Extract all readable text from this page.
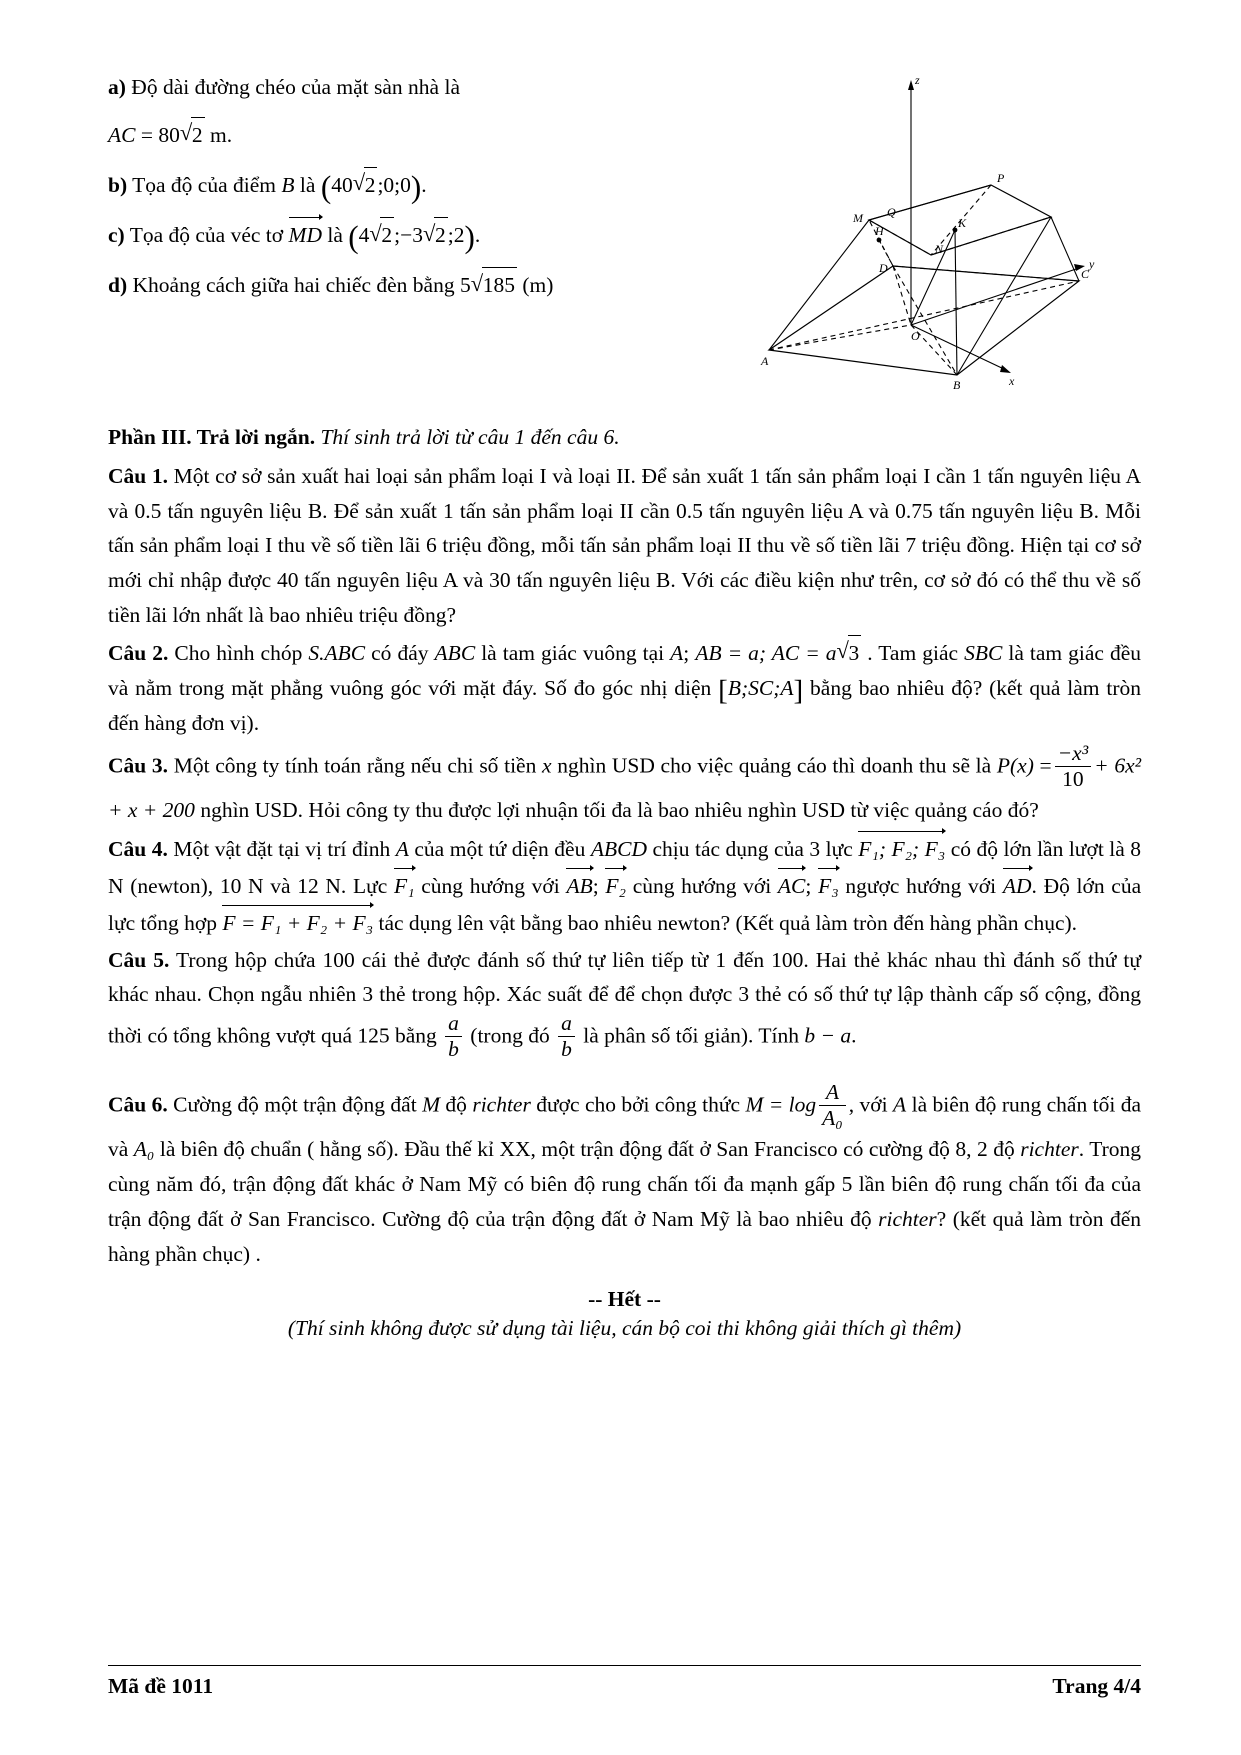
a) Độ dài đường chéo của mặt sàn nhà là
AC = 80 √ 2 m.
b) Tọa độ của điểm B là (40 √ 2;0;0).
c) Tọa độ của véc tơ MD là (4 √ 2;−3 √ 2;2).
d) Khoảng cách giữa hai chiếc đèn bằng 5 √ 185 (m)
z
y
x
Q
P
M
N
H
K
D	C
O
A
B
Phần III. Trả lời ngắn. Thí sinh trả lời từ câu 1 đến câu 6.
Câu 1. Một cơ sở sản xuất hai loại sản phẩm loại I và loại II. Để sản xuất 1 tấn sản phẩm loại I cần 1 tấn nguyên liệu A và 0.5 tấn nguyên liệu B. Để sản xuất 1 tấn sản phẩm loại II cần 0.5 tấn nguyên liệu A và 0.75 tấn nguyên liệu B. Mỗi tấn sản phẩm loại I thu về số tiền lãi 6 triệu đồng, mỗi tấn sản phẩm loại II thu về số tiền lãi 7 triệu đồng. Hiện tại cơ sở mới chỉ nhập được 40 tấn nguyên liệu A và 30 tấn nguyên liệu B. Với các điều kiện như trên, cơ sở đó có thể thu về số tiền lãi lớn nhất là bao nhiêu triệu đồng?
Câu 2. Cho hình chóp S.ABC có đáy ABC là tam giác vuông tại A; AB = a; AC = a √ 3 . Tam giác SBC là tam giác đều và nằm trong mặt phẳng vuông góc với mặt đáy. Số đo góc nhị diện [B;SC;A] bằng bao nhiêu độ? (kết quả làm tròn đến hàng đơn vị).
Câu 3. Một công ty tính toán rằng nếu chi số tiền x nghìn USD cho việc quảng cáo thì doanh thu sẽ là $P(x) = \frac{\text{−x³}}{10} + 6x^2 + x + 200$ nghìn USD. Hỏi công ty thu được lợi nhuận tối đa là bao nhiêu nghìn USD từ việc quảng cáo đó?
Câu 4. Một vật đặt tại vị trí đỉnh A của một tứ diện đều ABCD chịu tác dụng của 3 lực F₁; F₂; F₃ có độ lớn lần lượt là 8 N (newton), 10 N và 12 N. Lực F₁ cùng hướng với AB; F₂ cùng hướng với AC; F₃ ngược hướng với AD. Độ lớn của lực tổng hợp F = F₁ + F₂ + F₃ tác dụng lên vật bằng bao nhiêu newton? (Kết quả làm tròn đến hàng phần chục).
Câu 5. Trong hộp chứa 100 cái thẻ được đánh số thứ tự liên tiếp từ 1 đến 100. Hai thẻ khác nhau thì đánh số thứ tự khác nhau. Chọn ngẫu nhiên 3 thẻ trong hộp. Xác suất để để chọn được 3 thẻ có số thứ tự lập thành cấp số cộng, đồng thời có tổng không vượt quá 125 bằng $\frac{a}{b}$ (trong đó $\frac{a}{b}$ là phân số tối giản). Tính b − a.
Câu 6. Cường độ một trận động đất M độ richter được cho bởi công thức $M = \log \frac{A}{\text{A₀}}$ , với A là biên độ rung chấn tối đa và A₀ là biên độ chuẩn ( hằng số). Đầu thế kỉ XX, một trận động đất ở San Francisco có cường độ 8, 2 độ richter. Trong cùng năm đó, trận động đất khác ở Nam Mỹ có biên độ rung chấn tối đa mạnh gấp 5 lần biên độ rung chấn tối đa của trận động đất ở San Francisco. Cường độ của trận động đất ở Nam Mỹ là bao nhiêu độ richter? (kết quả làm tròn đến hàng phần chục) .
-- Hết --
(Thí sinh không được sử dụng tài liệu, cán bộ coi thi không giải thích gì thêm)
Mã đề 1011	Trang 4/4
